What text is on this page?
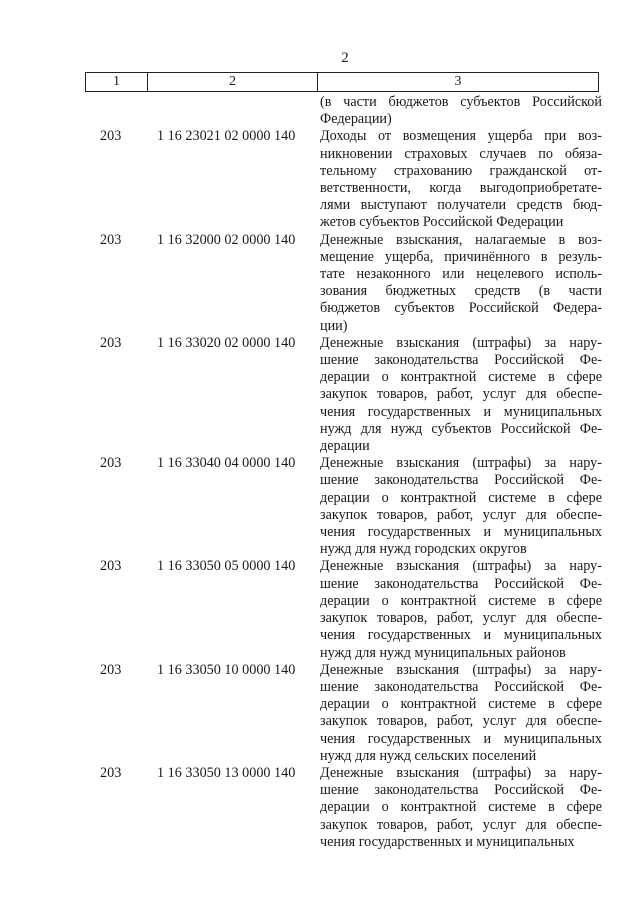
2
1	2	3
(в части бюджетов субъектов Российской
Федерации)
203	1 16 23021 02 0000 140	Доходы от возмещения ущерба при воз-
никновении страховых случаев по обяза-
тельному страхованию гражданской от-
ветственности, когда выгодоприобретате-
лями выступают получатели средств бюд-
жетов субъектов Российской Федерации
203	1 16 32000 02 0000 140	Денежные взыскания, налагаемые в воз-
мещение ущерба, причинённого в резуль-
тате незаконного или нецелевого исполь-
зования бюджетных средств (в части
бюджетов субъектов Российской Федера-
ции)
203	1 16 33020 02 0000 140	Денежные взыскания (штрафы) за нару-
шение законодательства Российской Фе-
дерации о контрактной системе в сфере
закупок товаров, работ, услуг для обеспе-
чения государственных и муниципальных
нужд для нужд субъектов Российской Фе-
дерации
203	1 16 33040 04 0000 140	Денежные взыскания (штрафы) за нару-
шение законодательства Российской Фе-
дерации о контрактной системе в сфере
закупок товаров, работ, услуг для обеспе-
чения государственных и муниципальных
нужд для нужд городских округов
203	1 16 33050 05 0000 140	Денежные взыскания (штрафы) за нару-
шение законодательства Российской Фе-
дерации о контрактной системе в сфере
закупок товаров, работ, услуг для обеспе-
чения государственных и муниципальных
нужд для нужд муниципальных районов
203	1 16 33050 10 0000 140	Денежные взыскания (штрафы) за нару-
шение законодательства Российской Фе-
дерации о контрактной системе в сфере
закупок товаров, работ, услуг для обеспе-
чения государственных и муниципальных
нужд для нужд сельских поселений
203	1 16 33050 13 0000 140	Денежные взыскания (штрафы) за нару-
шение законодательства Российской Фе-
дерации о контрактной системе в сфере
закупок товаров, работ, услуг для обеспе-
чения государственных и муниципальных
